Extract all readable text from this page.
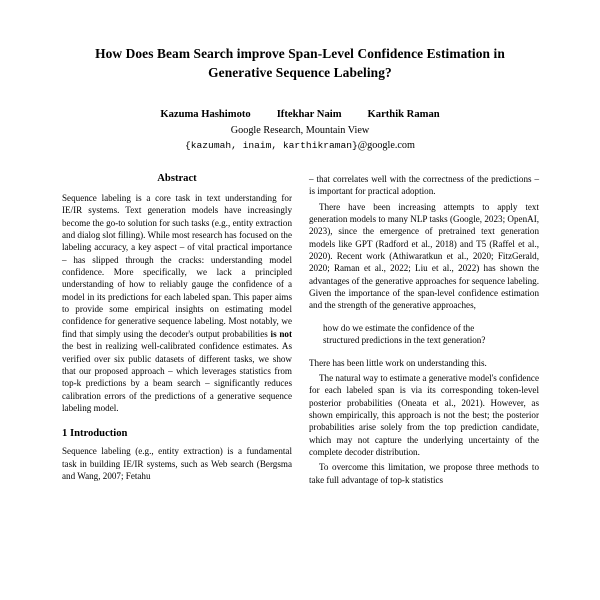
How Does Beam Search improve Span-Level Confidence Estimation in
Generative Sequence Labeling?
Kazuma Hashimoto Iftekhar Naim Karthik Raman
Google Research, Mountain View
{kazumah, inaim, karthikraman}@google.com
Abstract

Sequence labeling is a core task in text understanding for IE/IR systems. Text generation models have increasingly become the go-to solution for such tasks (e.g., entity extraction and dialog slot filling). While most research has focused on the labeling accuracy, a key aspect – of vital practical importance – has slipped through the cracks: understanding model confidence. More specifically, we lack a principled understanding of how to reliably gauge the confidence of a model in its predictions for each labeled span. This paper aims to provide some empirical insights on estimating model confidence for generative sequence labeling. Most notably, we find that simply using the decoder's output probabilities is not the best in realizing well-calibrated confidence estimates. As verified over six public datasets of different tasks, we show that our proposed approach – which leverages statistics from top-k predictions by a beam search – significantly reduces calibration errors of the predictions of a generative sequence labeling model.

1 Introduction

Sequence labeling (e.g., entity extraction) is a fundamental task in building IE/IR systems, such as Web search (Bergsma and Wang, 2007; Fetahu

– that correlates well with the correctness of the predictions – is important for practical adoption.

There have been increasing attempts to apply text generation models to many NLP tasks (Google, 2023; OpenAI, 2023), since the emergence of pretrained text generation models like GPT (Radford et al., 2018) and T5 (Raffel et al., 2020). Recent work (Athiwaratkun et al., 2020; FitzGerald, 2020; Raman et al., 2022; Liu et al., 2022) has shown the advantages of the generative approaches for sequence labeling. Given the importance of the span-level confidence estimation and the strength of the generative approaches,

how do we estimate the confidence of the
structured predictions in the text generation?

There has been little work on understanding this.

The natural way to estimate a generative model's confidence for each labeled span is via its corresponding token-level posterior probabilities (Oneata et al., 2021). However, as shown empirically, this approach is not the best; the posterior probabilities arise solely from the top prediction candidate, which may not capture the underlying uncertainty of the complete decoder distribution.

To overcome this limitation, we propose three methods to take full advantage of top-k statistics
